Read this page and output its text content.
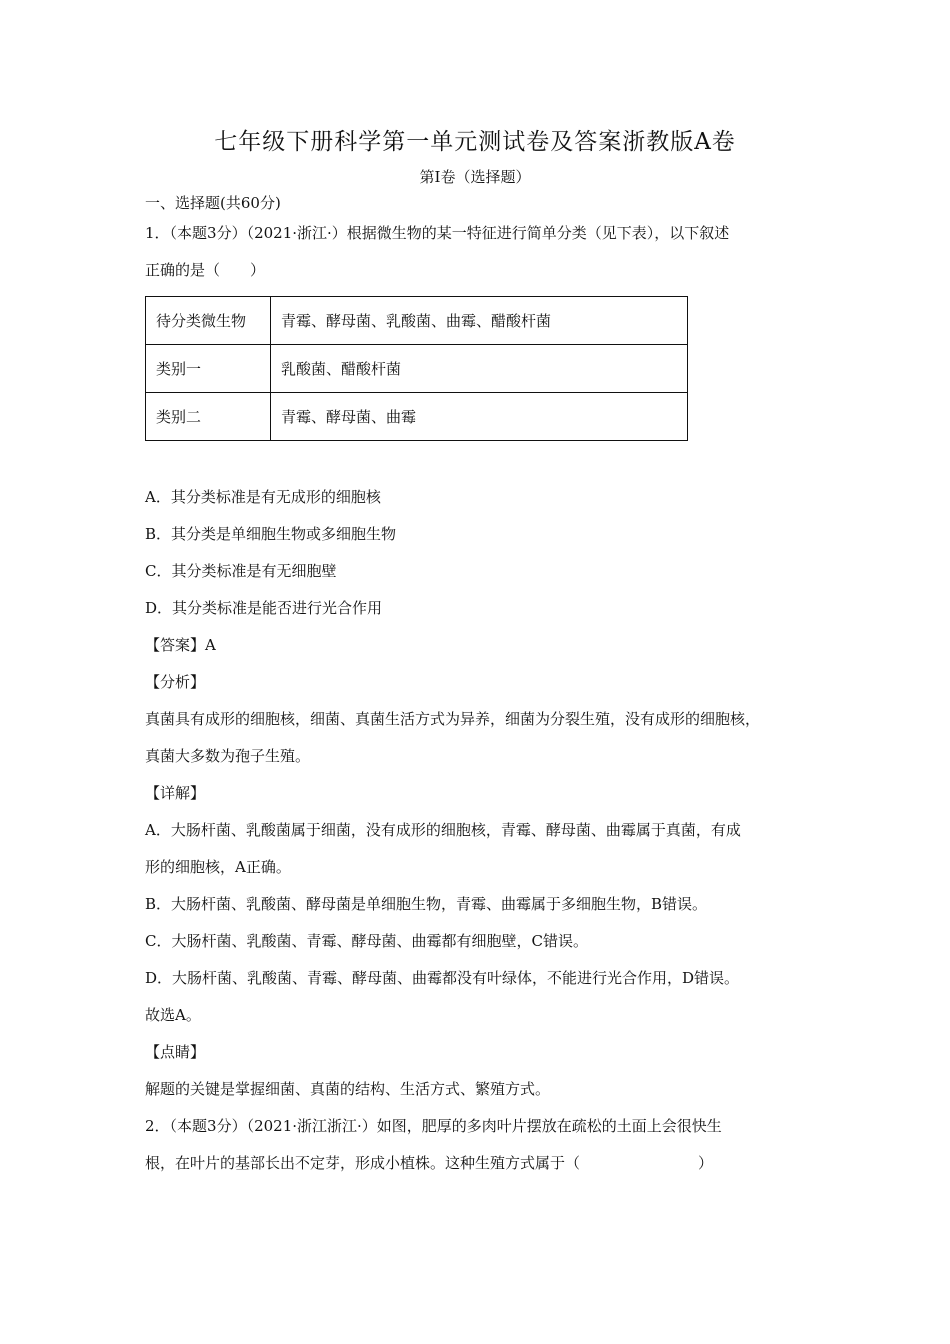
七年级下册科学第一单元测试卷及答案浙教版A卷
第Ⅰ卷（选择题）

一、选择题(共60分)

1．（本题3分）（2021·浙江·）根据微生物的某一特征进行简单分类（见下表），以下叙述

正确的是（　　）

待分类微生物	青霉、酵母菌、乳酸菌、曲霉、醋酸杆菌
类别一	乳酸菌、醋酸杆菌
类别二	青霉、酵母菌、曲霉

A．其分类标准是有无成形的细胞核

B．其分类是单细胞生物或多细胞生物

C．其分类标准是有无细胞壁

D．其分类标准是能否进行光合作用

【答案】A

【分析】

真菌具有成形的细胞核，细菌、真菌生活方式为异养，细菌为分裂生殖，没有成形的细胞核，

真菌大多数为孢子生殖。

【详解】

A．大肠杆菌、乳酸菌属于细菌，没有成形的细胞核，青霉、酵母菌、曲霉属于真菌，有成

形的细胞核，A正确。

B．大肠杆菌、乳酸菌、酵母菌是单细胞生物，青霉、曲霉属于多细胞生物，B错误。

C．大肠杆菌、乳酸菌、青霉、酵母菌、曲霉都有细胞壁，C错误。

D．大肠杆菌、乳酸菌、青霉、酵母菌、曲霉都没有叶绿体，不能进行光合作用，D错误。

故选A。

【点睛】

解题的关键是掌握细菌、真菌的结构、生活方式、繁殖方式。

2．（本题3分）（2021·浙江浙江·）如图，肥厚的多肉叶片摆放在疏松的土面上会很快生

根，在叶片的基部长出不定芽，形成小植株。这种生殖方式属于（	）
